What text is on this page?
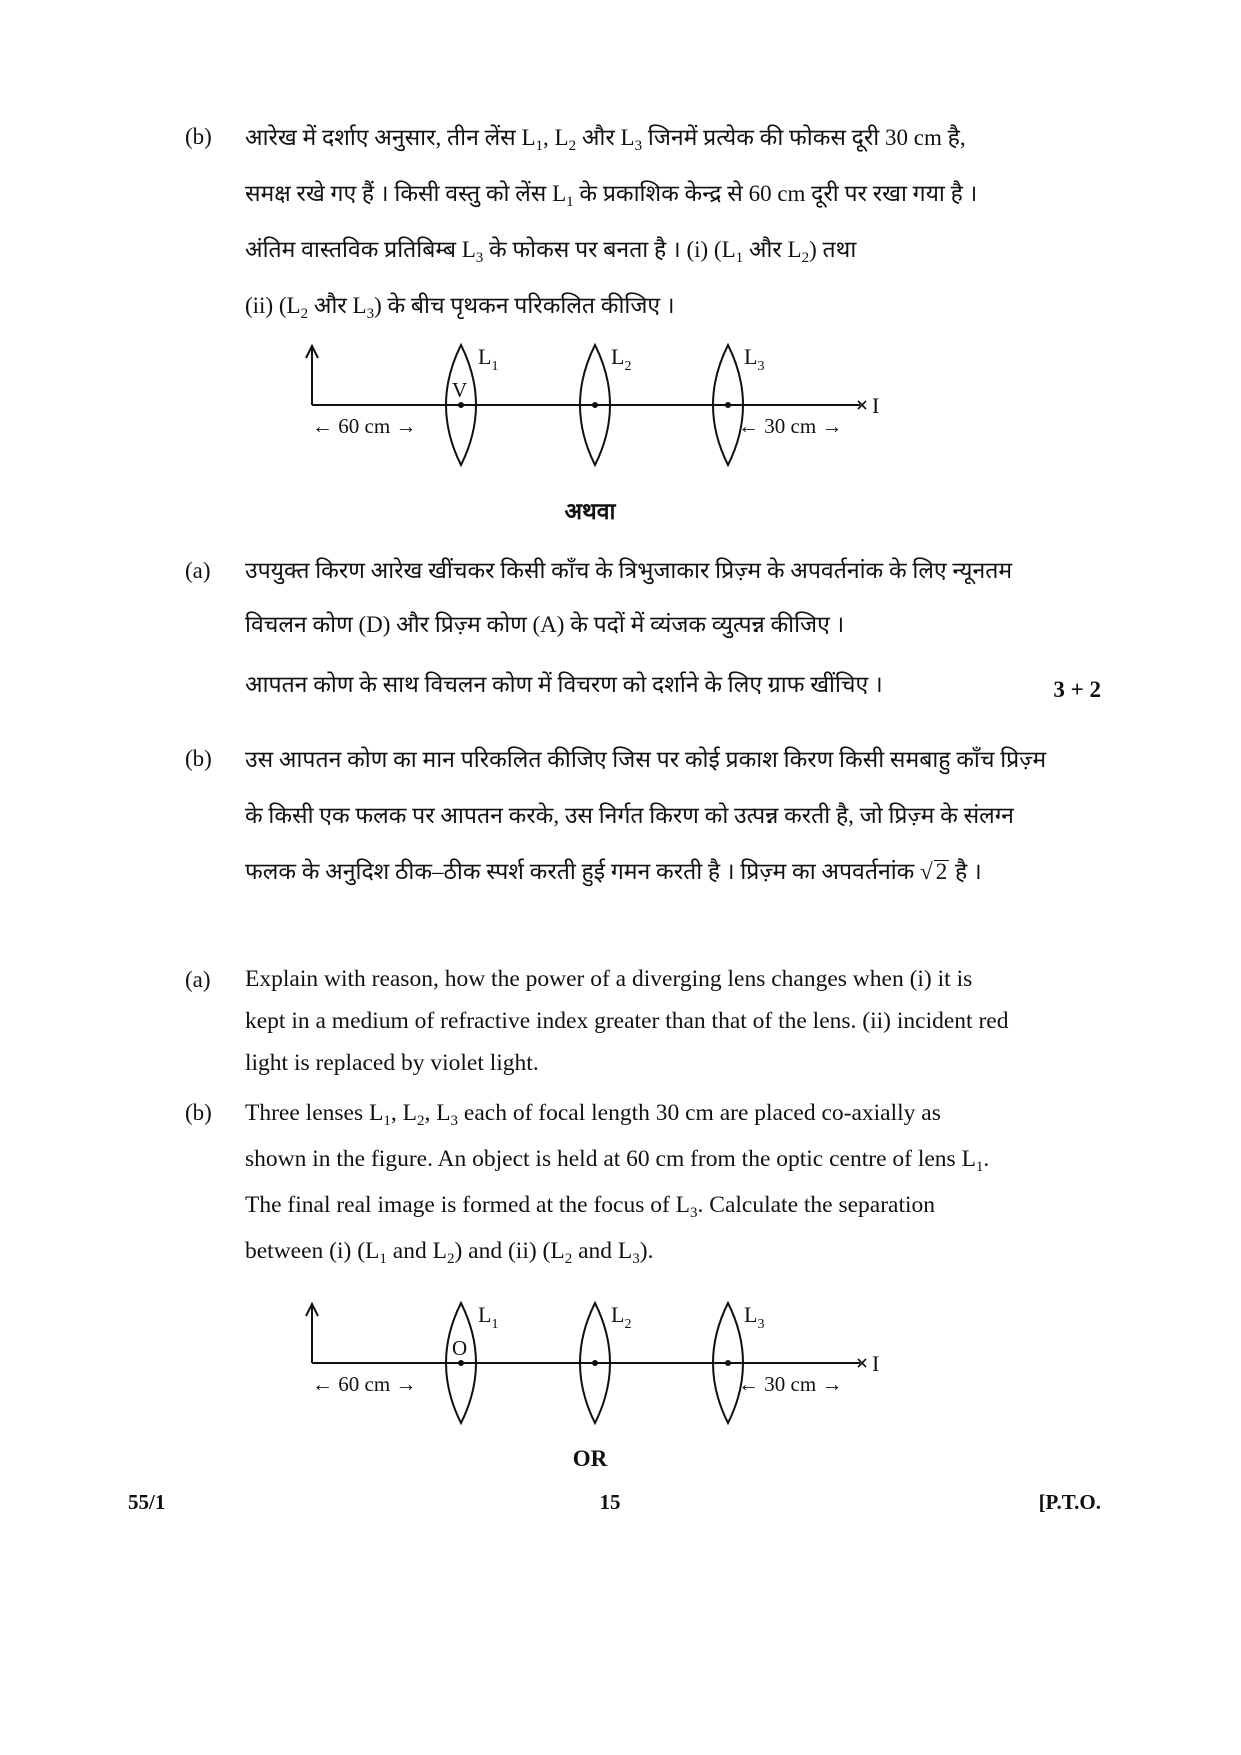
(b) आरेख में दर्शाए अनुसार, तीन लेंस $L_1$, $L_2$ और $L_3$ जिनमें प्रत्येक की फोकस दूरी 30 cm है,
समक्ष रखे गए हैं । किसी वस्तु को लेंस $L_1$ के प्रकाशिक केन्द्र से 60 cm दूरी पर रखा गया है ।
अंतिम वास्तविक प्रतिबिम्ब $L_3$ के फोकस पर बनता है । (i) ($L_1$ और $L_2$) तथा
(ii) ($L_2$ और $L_3$) के बीच पृथकन परिकलित कीजिए ।
I
V
$L_1$	$L_2$	$L_3$
← 60 cm →	← 30 cm →
अथवा
(a) उपयुक्त किरण आरेख खींचकर किसी काँच के त्रिभुजाकार प्रिज़्म के अपवर्तनांक के लिए न्यूनतम
विचलन कोण (D) और प्रिज़्म कोण (A) के पदों में व्यंजक व्युत्पन्न कीजिए ।
आपतन कोण के साथ विचलन कोण में विचरण को दर्शाने के लिए ग्राफ खींचिए ।	3 + 2
(b) उस आपतन कोण का मान परिकलित कीजिए जिस पर कोई प्रकाश किरण किसी समबाहु काँच प्रिज़्म
के किसी एक फलक पर आपतन करके, उस निर्गत किरण को उत्पन्न करती है, जो प्रिज़्म के संलग्न
फलक के अनुदिश ठीक–ठीक स्पर्श करती हुई गमन करती है । प्रिज़्म का अपवर्तनांक √ 2 है ।
(a) Explain with reason, how the power of a diverging lens changes when (i) it is
kept in a medium of refractive index greater than that of the lens. (ii) incident red
light is replaced by violet light.
(b) Three lenses $L_1$, $L_2$, $L_3$ each of focal length 30 cm are placed co-axially as
shown in the figure. An object is held at 60 cm from the optic centre of lens $L_1$.
The final real image is formed at the focus of $L_3$. Calculate the separation
between (i) ($L_1$ and $L_2$) and (ii) ($L_2$ and $L_3$).
I
O
$L_1$	$L_2$	$L_3$
← 60 cm →	← 30 cm →
OR
55/1	15	[P.T.O.
